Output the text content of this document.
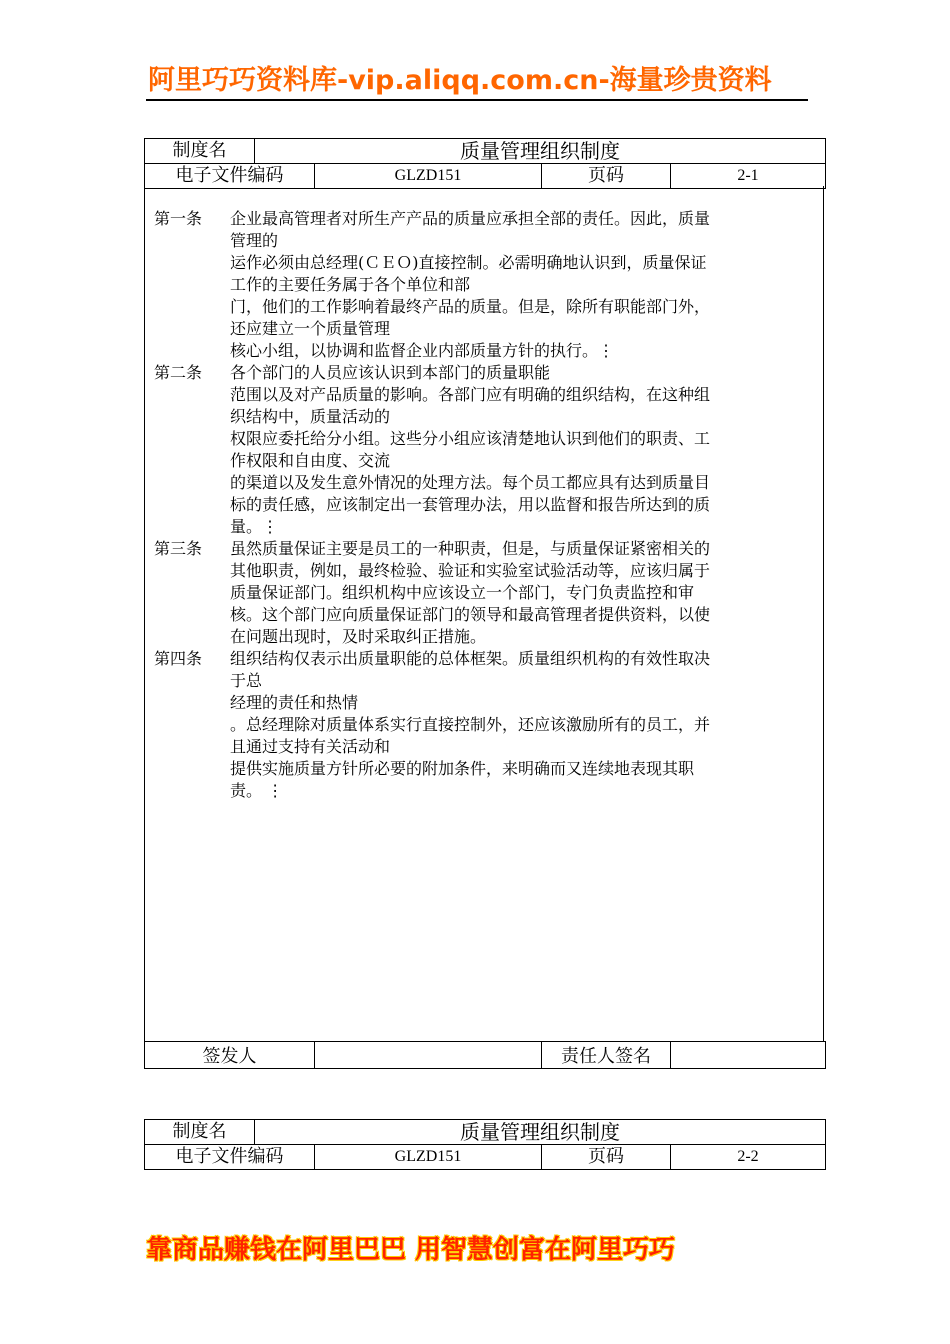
阿里巧巧资料库-vip.aliqq.com.cn-海量珍贵资料
制度名	质量管理组织制度			
电子文件编码		GLZD151	页码	2-1
第一条	企业最高管理者对所生产产品的质量应承担全部的责任。因此，质量
管理的
运作必须由总经理(ＣＥＯ)直接控制。必需明确地认识到，质量保证
工作的主要任务属于各个单位和部
门，他们的工作影响着最终产品的质量。但是，除所有职能部门外，
还应建立一个质量管理
核心小组，以协调和监督企业内部质量方针的执行。⋮
第二条	各个部门的人员应该认识到本部门的质量职能
范围以及对产品质量的影响。各部门应有明确的组织结构，在这种组
织结构中，质量活动的
权限应委托给分小组。这些分小组应该清楚地认识到他们的职责、工
作权限和自由度、交流
的渠道以及发生意外情况的处理方法。每个员工都应具有达到质量目
标的责任感，应该制定出一套管理办法，用以监督和报告所达到的质
量。⋮
第三条	虽然质量保证主要是员工的一种职责，但是，与质量保证紧密相关的
其他职责，例如，最终检验、验证和实验室试验活动等，应该归属于
质量保证部门。组织机构中应该设立一个部门，专门负责监控和审
核。这个部门应向质量保证部门的领导和最高管理者提供资料，以使
在问题出现时，及时采取纠正措施。
第四条	组织结构仅表示出质量职能的总体框架。质量组织机构的有效性取决
于总
经理的责任和热情
。总经理除对质量体系实行直接控制外，还应该激励所有的员工，并
且通过支持有关活动和
提供实施质量方针所必要的附加条件，来明确而又连续地表现其职
责。 ⋮
签发人		责任人签名	
制度名	质量管理组织制度			
电子文件编码		GLZD151	页码	2-2
靠商品赚钱在阿里巴巴 用智慧创富在阿里巧巧
